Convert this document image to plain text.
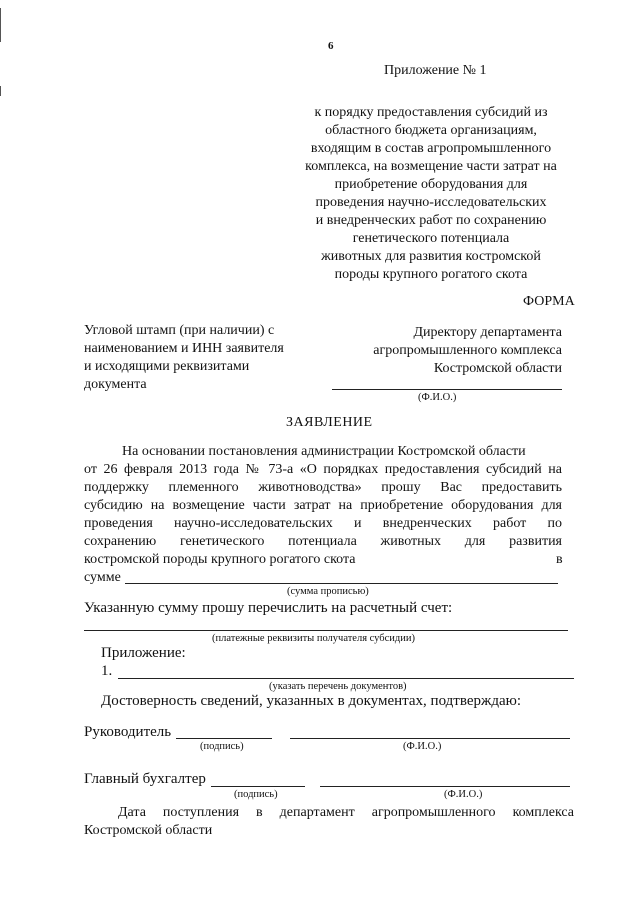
6
Приложение № 1
к порядку предоставления субсидий из
областного бюджета организациям,
входящим в состав агропромышленного
комплекса, на возмещение части затрат на
приобретение оборудования для
проведения научно-исследовательских
и внедренческих работ по сохранению
генетического потенциала
животных для развития костромской
породы крупного рогатого скота
ФОРМА
Угловой штамп (при наличии) с
наименованием и ИНН заявителя
и исходящими реквизитами
документа
Директору департамента
агропромышленного комплекса
Костромской области
(Ф.И.О.)
ЗАЯВЛЕНИЕ
На основании постановления администрации Костромской области
от 26 февраля 2013 года № 73-а «О порядках предоставления субсидий на
поддержку племенного животноводства» прошу Вас предоставить
субсидию на возмещение части затрат на приобретение оборудования для
проведения научно-исследовательских и внедренческих работ по
сохранению генетического потенциала животных для развития
костромской породы крупного рогатого скота	в
сумме
(сумма прописью)
Указанную сумму прошу перечислить на расчетный счет:
(платежные реквизиты получателя субсидии)
Приложение:
1.
(указать перечень документов)
Достоверность сведений, указанных в документах, подтверждаю:
Руководитель
(подпись)	(Ф.И.О.)
Главный бухгалтер
(подпись)	(Ф.И.О.)
Дата поступления в департамент агропромышленного комплекса
Костромской области
